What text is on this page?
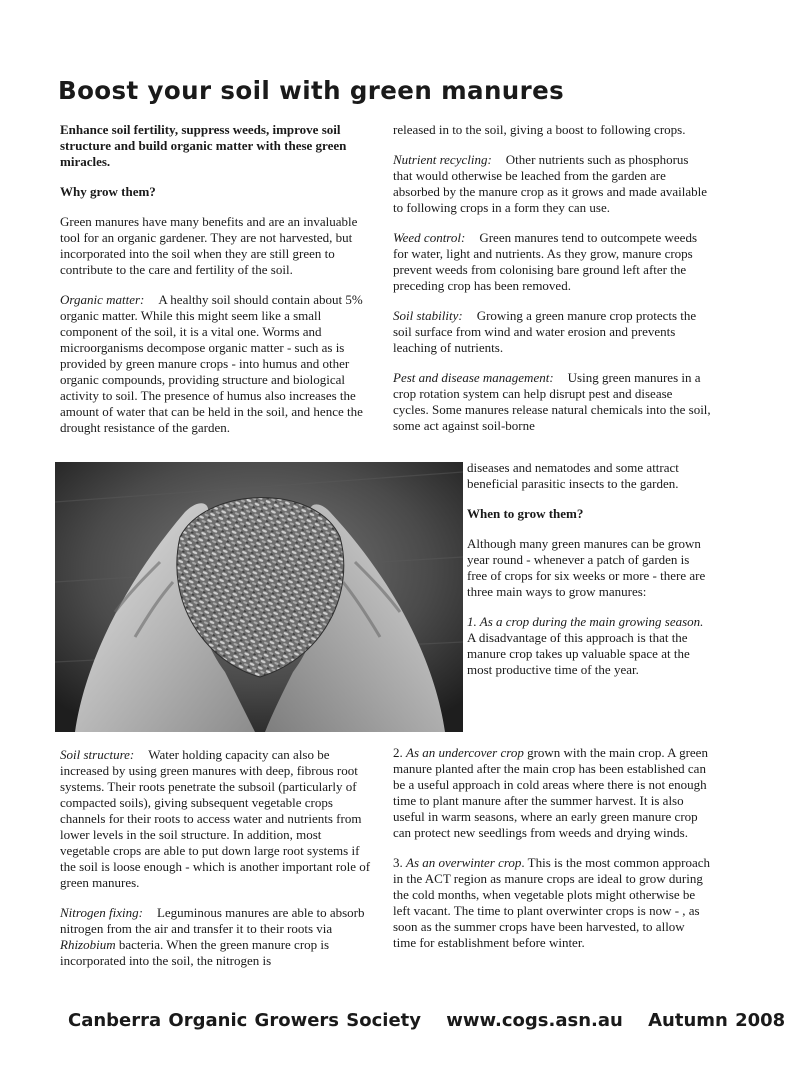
Boost your soil with green manures

Enhance soil fertility, suppress weeds, improve soil structure and build organic matter with these green miracles.

Why grow them?

Green manures have many benefits and are an invaluable tool for an organic gardener. They are not harvested, but incorporated into the soil when they are still green to contribute to the care and fertility of the soil.

Organic matter: A healthy soil should contain about 5% organic matter. While this might seem like a small component of the soil, it is a vital one. Worms and microorganisms decompose organic matter - such as is provided by green manure crops - into humus and other organic compounds, providing structure and biological activity to soil. The presence of humus also increases the amount of water that can be held in the soil, and hence the drought resistance of the garden.

released in to the soil, giving a boost to following crops.

Nutrient recycling: Other nutrients such as phosphorus that would otherwise be leached from the garden are absorbed by the manure crop as it grows and made available to following crops in a form they can use.

Weed control: Green manures tend to outcompete weeds for water, light and nutrients. As they grow, manure crops prevent weeds from colonising bare ground left after the preceding crop has been removed.

Soil stability: Growing a green manure crop protects the soil surface from wind and water erosion and prevents leaching of nutrients.

Pest and disease management: Using green manures in a crop rotation system can help disrupt pest and disease cycles. Some manures release natural chemicals into the soil, some act against soil-borne

diseases and nematodes and some attract beneficial parasitic insects to the garden.

When to grow them?

Although many green manures can be grown year round - whenever a patch of garden is free of crops for six weeks or more - there are three main ways to grow manures:

1. As a crop during the main growing season. A disadvantage of this approach is that the manure crop takes up valuable space at the most productive time of the year.

Soil structure: Water holding capacity can also be increased by using green manures with deep, fibrous root systems. Their roots penetrate the subsoil (particularly of compacted soils), giving subsequent vegetable crops channels for their roots to access water and nutrients from lower levels in the soil structure. In addition, most vegetable crops are able to put down large root systems if the soil is loose enough - which is another important role of green manures.

Nitrogen fixing: Leguminous manures are able to absorb nitrogen from the air and transfer it to their roots via Rhizobium bacteria. When the green manure crop is incorporated into the soil, the nitrogen is

2. As an undercover crop grown with the main crop. A green manure planted after the main crop has been established can be a useful approach in cold areas where there is not enough time to plant manure after the summer harvest. It is also useful in warm seasons, where an early green manure crop can protect new seedlings from weeds and drying winds.

3. As an overwinter crop. This is the most common approach in the ACT region as manure crops are ideal to grow during the cold months, when vegetable plots might otherwise be left vacant. The time to plant overwinter crops is now - , as soon as the summer crops have been harvested, to allow time for establishment before winter.

Canberra Organic Growers Society www.cogs.asn.au Autumn 2008
